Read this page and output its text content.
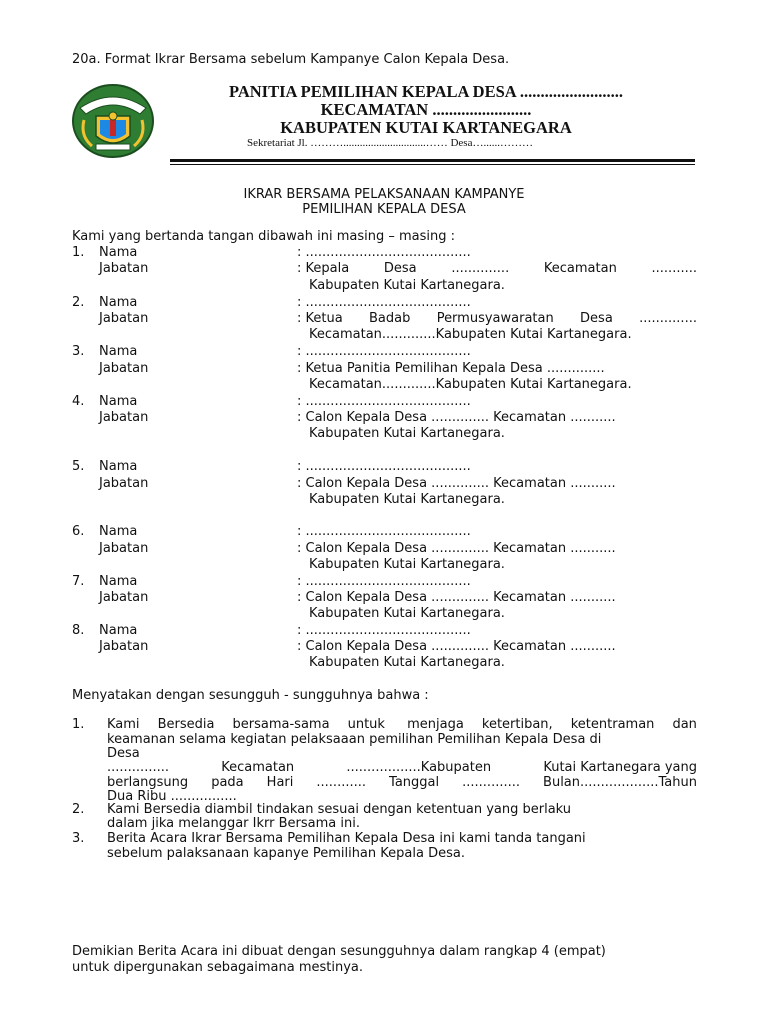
20a. Format Ikrar Bersama sebelum Kampanye Calon Kepala Desa.
PANITIA PEMILIHAN KEPALA DESA .........................
KECAMATAN ........................
KABUPATEN KUTAI KARTANEGARA
Sekretariat Jl. ………..............................…… Desa…......………
IKRAR BERSAMA PELAKSANAAN KAMPANYE
PEMILIHAN KEPALA DESA
Kami yang bertanda tangan dibawah ini masing – masing :
1. Nama	: ........................................
Jabatan	: Kepala	Desa	..............	Kecamatan	...........
Kabupaten Kutai Kartanegara.
2. Nama	: ........................................
Jabatan	: Ketua Badab Permusyawaratan Desa ..............
Kecamatan.............Kabupaten Kutai Kartanegara.
3. Nama	: ........................................
Jabatan	: Ketua Panitia Pemilihan Kepala Desa ..............
Kecamatan.............Kabupaten Kutai Kartanegara.
4. Nama	: ........................................
Jabatan	: Calon Kepala Desa .............. Kecamatan ...........
Kabupaten Kutai Kartanegara.
5. Nama	: ........................................
Jabatan	: Calon Kepala Desa .............. Kecamatan ...........
Kabupaten Kutai Kartanegara.
6. Nama	: ........................................
Jabatan	: Calon Kepala Desa .............. Kecamatan ...........
Kabupaten Kutai Kartanegara.
7. Nama	: ........................................
Jabatan	: Calon Kepala Desa .............. Kecamatan ...........
Kabupaten Kutai Kartanegara.
8. Nama	: ........................................
Jabatan	: Calon Kepala Desa .............. Kecamatan ...........
Kabupaten Kutai Kartanegara.
Menyatakan dengan sesungguh - sungguhnya bahwa :
1. Kami Bersedia bersama-sama untuk menjaga ketertiban, ketentraman dan
keamanan selama kegiatan pelaksaaan pemilihan Pemilihan Kepala Desa di
Desa
...............	Kecamatan	..................Kabupaten	Kutai Kartanegara yang
berlangsung pada Hari ............ Tanggal .............. Bulan...................Tahun
Dua Ribu ................
2. Kami Bersedia diambil tindakan sesuai dengan ketentuan yang berlaku
dalam jika melanggar Ikrr Bersama ini.
3. Berita Acara Ikrar Bersama Pemilihan Kepala Desa ini kami tanda tangani
sebelum palaksanaan kapanye Pemilihan Kepala Desa.
Demikian Berita Acara ini dibuat dengan sesungguhnya dalam rangkap 4 (empat)
untuk dipergunakan sebagaimana mestinya.
